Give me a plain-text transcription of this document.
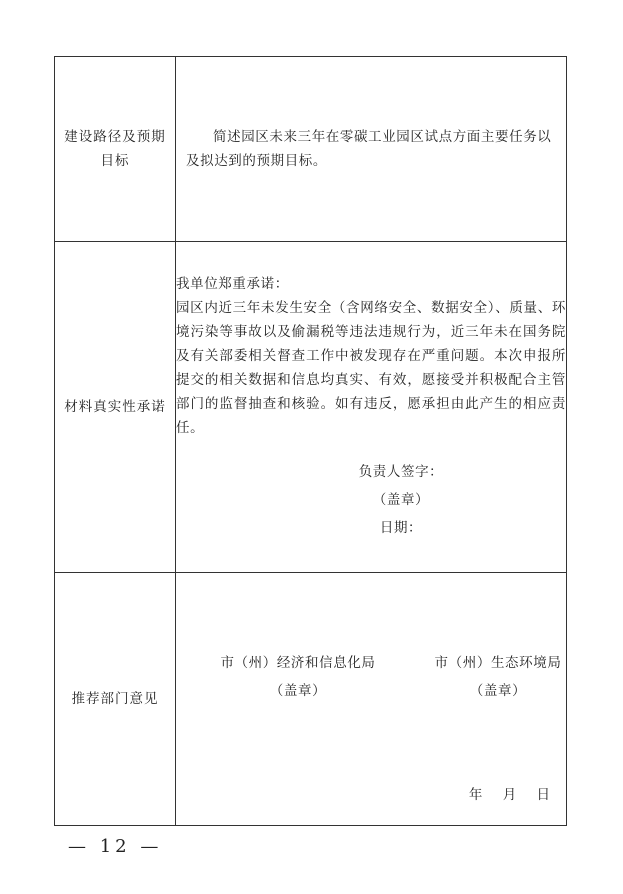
建设路径及预期
目标	简述园区未来三年在零碳工业园区试点方面主要任务以及拟达到的预期目标。

材料真实性承诺	我单位郑重承诺：
园区内近三年未发生安全（含网络安全、数据安全）、质量、环境污染等事故以及偷漏税等违法违规行为，近三年未在国务院及有关部委相关督查工作中被发现存在严重问题。本次申报所提交的相关数据和信息均真实、有效，愿接受并积极配合主管部门的监督抽查和核验。如有违反，愿承担由此产生的相应责任。
负责人签字：
（盖章）
日期：

推荐部门意见	市（州）经济和信息化局
（盖章）
市（州）生态环境局
（盖章）
年 月 日
— 12 —
